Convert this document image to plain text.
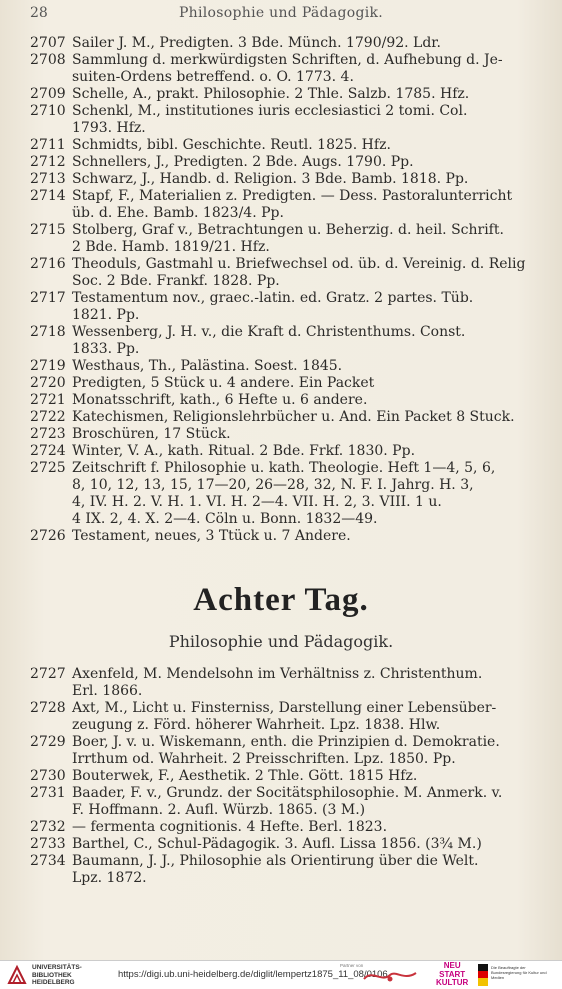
28	Philosophie und Pädagogik.
2707 Sailer J. M., Predigten. 3 Bde. Münch. 1790/92. Ldr.
2708 Sammlung d. merkwürdigsten Schriften, d. Aufhebung d. Je-
suiten-Ordens betreffend. o. O. 1773. 4.
2709 Schelle, A., prakt. Philosophie. 2 Thle. Salzb. 1785. Hfz.
2710 Schenkl, M., institutiones iuris ecclesiastici 2 tomi. Col.
1793. Hfz.
2711 Schmidts, bibl. Geschichte. Reutl. 1825. Hfz.
2712 Schnellers, J., Predigten. 2 Bde. Augs. 1790. Pp.
2713 Schwarz, J., Handb. d. Religion. 3 Bde. Bamb. 1818. Pp.
2714 Stapf, F., Materialien z. Predigten. — Dess. Pastoralunterricht
üb. d. Ehe. Bamb. 1823/4. Pp.
2715 Stolberg, Graf v., Betrachtungen u. Beherzig. d. heil. Schrift.
2 Bde. Hamb. 1819/21. Hfz.
2716 Theoduls, Gastmahl u. Briefwechsel od. üb. d. Vereinig. d. Relig
Soc. 2 Bde. Frankf. 1828. Pp.
2717 Testamentum nov., graec.-latin. ed. Gratz. 2 partes. Tüb.
1821. Pp.
2718 Wessenberg, J. H. v., die Kraft d. Christenthums. Const.
1833. Pp.
2719 Westhaus, Th., Palästina. Soest. 1845.
2720 Predigten, 5 Stück u. 4 andere. Ein Packet
2721 Monatsschrift, kath., 6 Hefte u. 6 andere.
2722 Katechismen, Religionslehrbücher u. And. Ein Packet 8 Stuck.
2723 Broschüren, 17 Stück.
2724 Winter, V. A., kath. Ritual. 2 Bde. Frkf. 1830. Pp.
2725 Zeitschrift f. Philosophie u. kath. Theologie. Heft 1—4, 5, 6,
8, 10, 12, 13, 15, 17—20, 26—28, 32, N. F. I. Jahrg. H. 3,
4, IV. H. 2. V. H. 1. VI. H. 2—4. VII. H. 2, 3. VIII. 1 u.
4 IX. 2, 4. X. 2—4. Cöln u. Bonn. 1832—49.
2726 Testament, neues, 3 Ttück u. 7 Andere.
Achter Tag.
Philosophie und Pädagogik.
2727 Axenfeld, M. Mendelsohn im Verhältniss z. Christenthum.
Erl. 1866.
2728 Axt, M., Licht u. Finsterniss, Darstellung einer Lebensüber-
zeugung z. Förd. höherer Wahrheit. Lpz. 1838. Hlw.
2729 Boer, J. v. u. Wiskemann, enth. die Prinzipien d. Demokratie.
Irrthum od. Wahrheit. 2 Preisschriften. Lpz. 1850. Pp.
2730 Bouterwek, F., Aesthetik. 2 Thle. Gött. 1815 Hfz.
2731 Baader, F. v., Grundz. der Socitätsphilosophie. M. Anmerk. v.
F. Hoffmann. 2. Aufl. Würzb. 1865. (3 M.)
2732 — fermenta cognitionis. 4 Hefte. Berl. 1823.
2733 Barthel, C., Schul-Pädagogik. 3. Aufl. Lissa 1856. (3¾ M.)
2734 Baumann, J. J., Philosophie als Orientirung über die Welt.
Lpz. 1872.
UNIVERSITÄTS-
BIBLIOTHEK
HEIDELBERG
https://digi.ub.uni-heidelberg.de/diglit/lempertz1875_11_08/0106
Partner von	NEU
START
KULTUR
Die Beauftragte der Bundesregierung für Kultur und Medien
